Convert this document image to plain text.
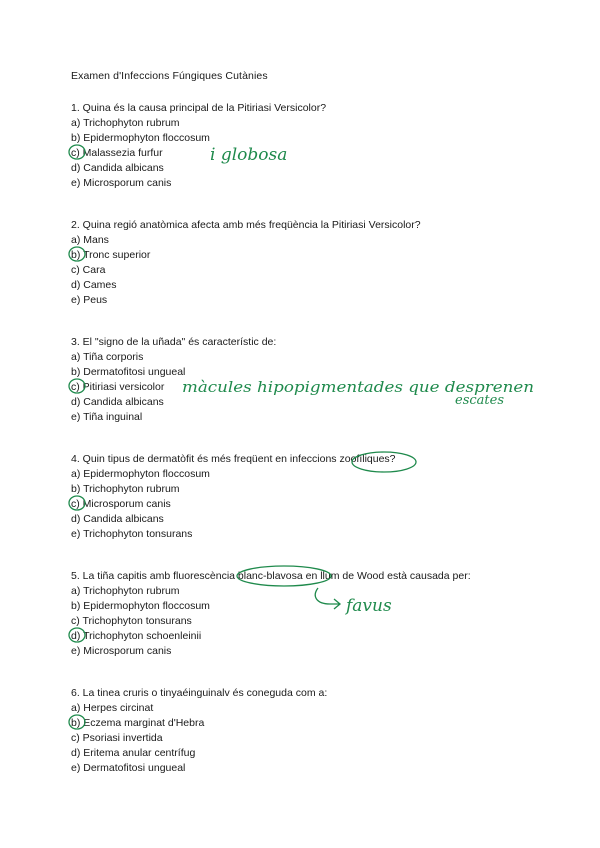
Examen d'Infeccions Fúngiques Cutànies
1. Quina és la causa principal de la Pitiriasi Versicolor?
a) Trichophyton rubrum
b) Epidermophyton floccosum
c) Malassezia furfur
d) Candida albicans
e) Microsporum canis
2. Quina regió anatòmica afecta amb més freqüència la Pitiriasi Versicolor?
a) Mans
b) Tronc superior
c) Cara
d) Cames
e) Peus
3. El "signo de la uñada" és característic de:
a) Tiña corporis
b) Dermatofitosi ungueal
c) Pitiriasi versicolor
d) Candida albicans
e) Tiña inguinal
4. Quin tipus de dermatòfit és més freqüent en infeccions zoofíliques?
a) Epidermophyton floccosum
b) Trichophyton rubrum
c) Microsporum canis
d) Candida albicans
e) Trichophyton tonsurans
5. La tiña capitis amb fluorescència blanc-blavosa en llum de Wood està causada per:
a) Trichophyton rubrum
b) Epidermophyton floccosum
c) Trichophyton tonsurans
d) Trichophyton schoenleinii
e) Microsporum canis
6. La tinea cruris o tinyaéinguinalv és coneguda com a:
a) Herpes circinat
b) Eczema marginat d'Hebra
c) Psoriasi invertida
d) Eritema anular centrífug
e) Dermatofitosi ungueal
i globosa
màcules hipopigmentades que desprenen
escates
favus
